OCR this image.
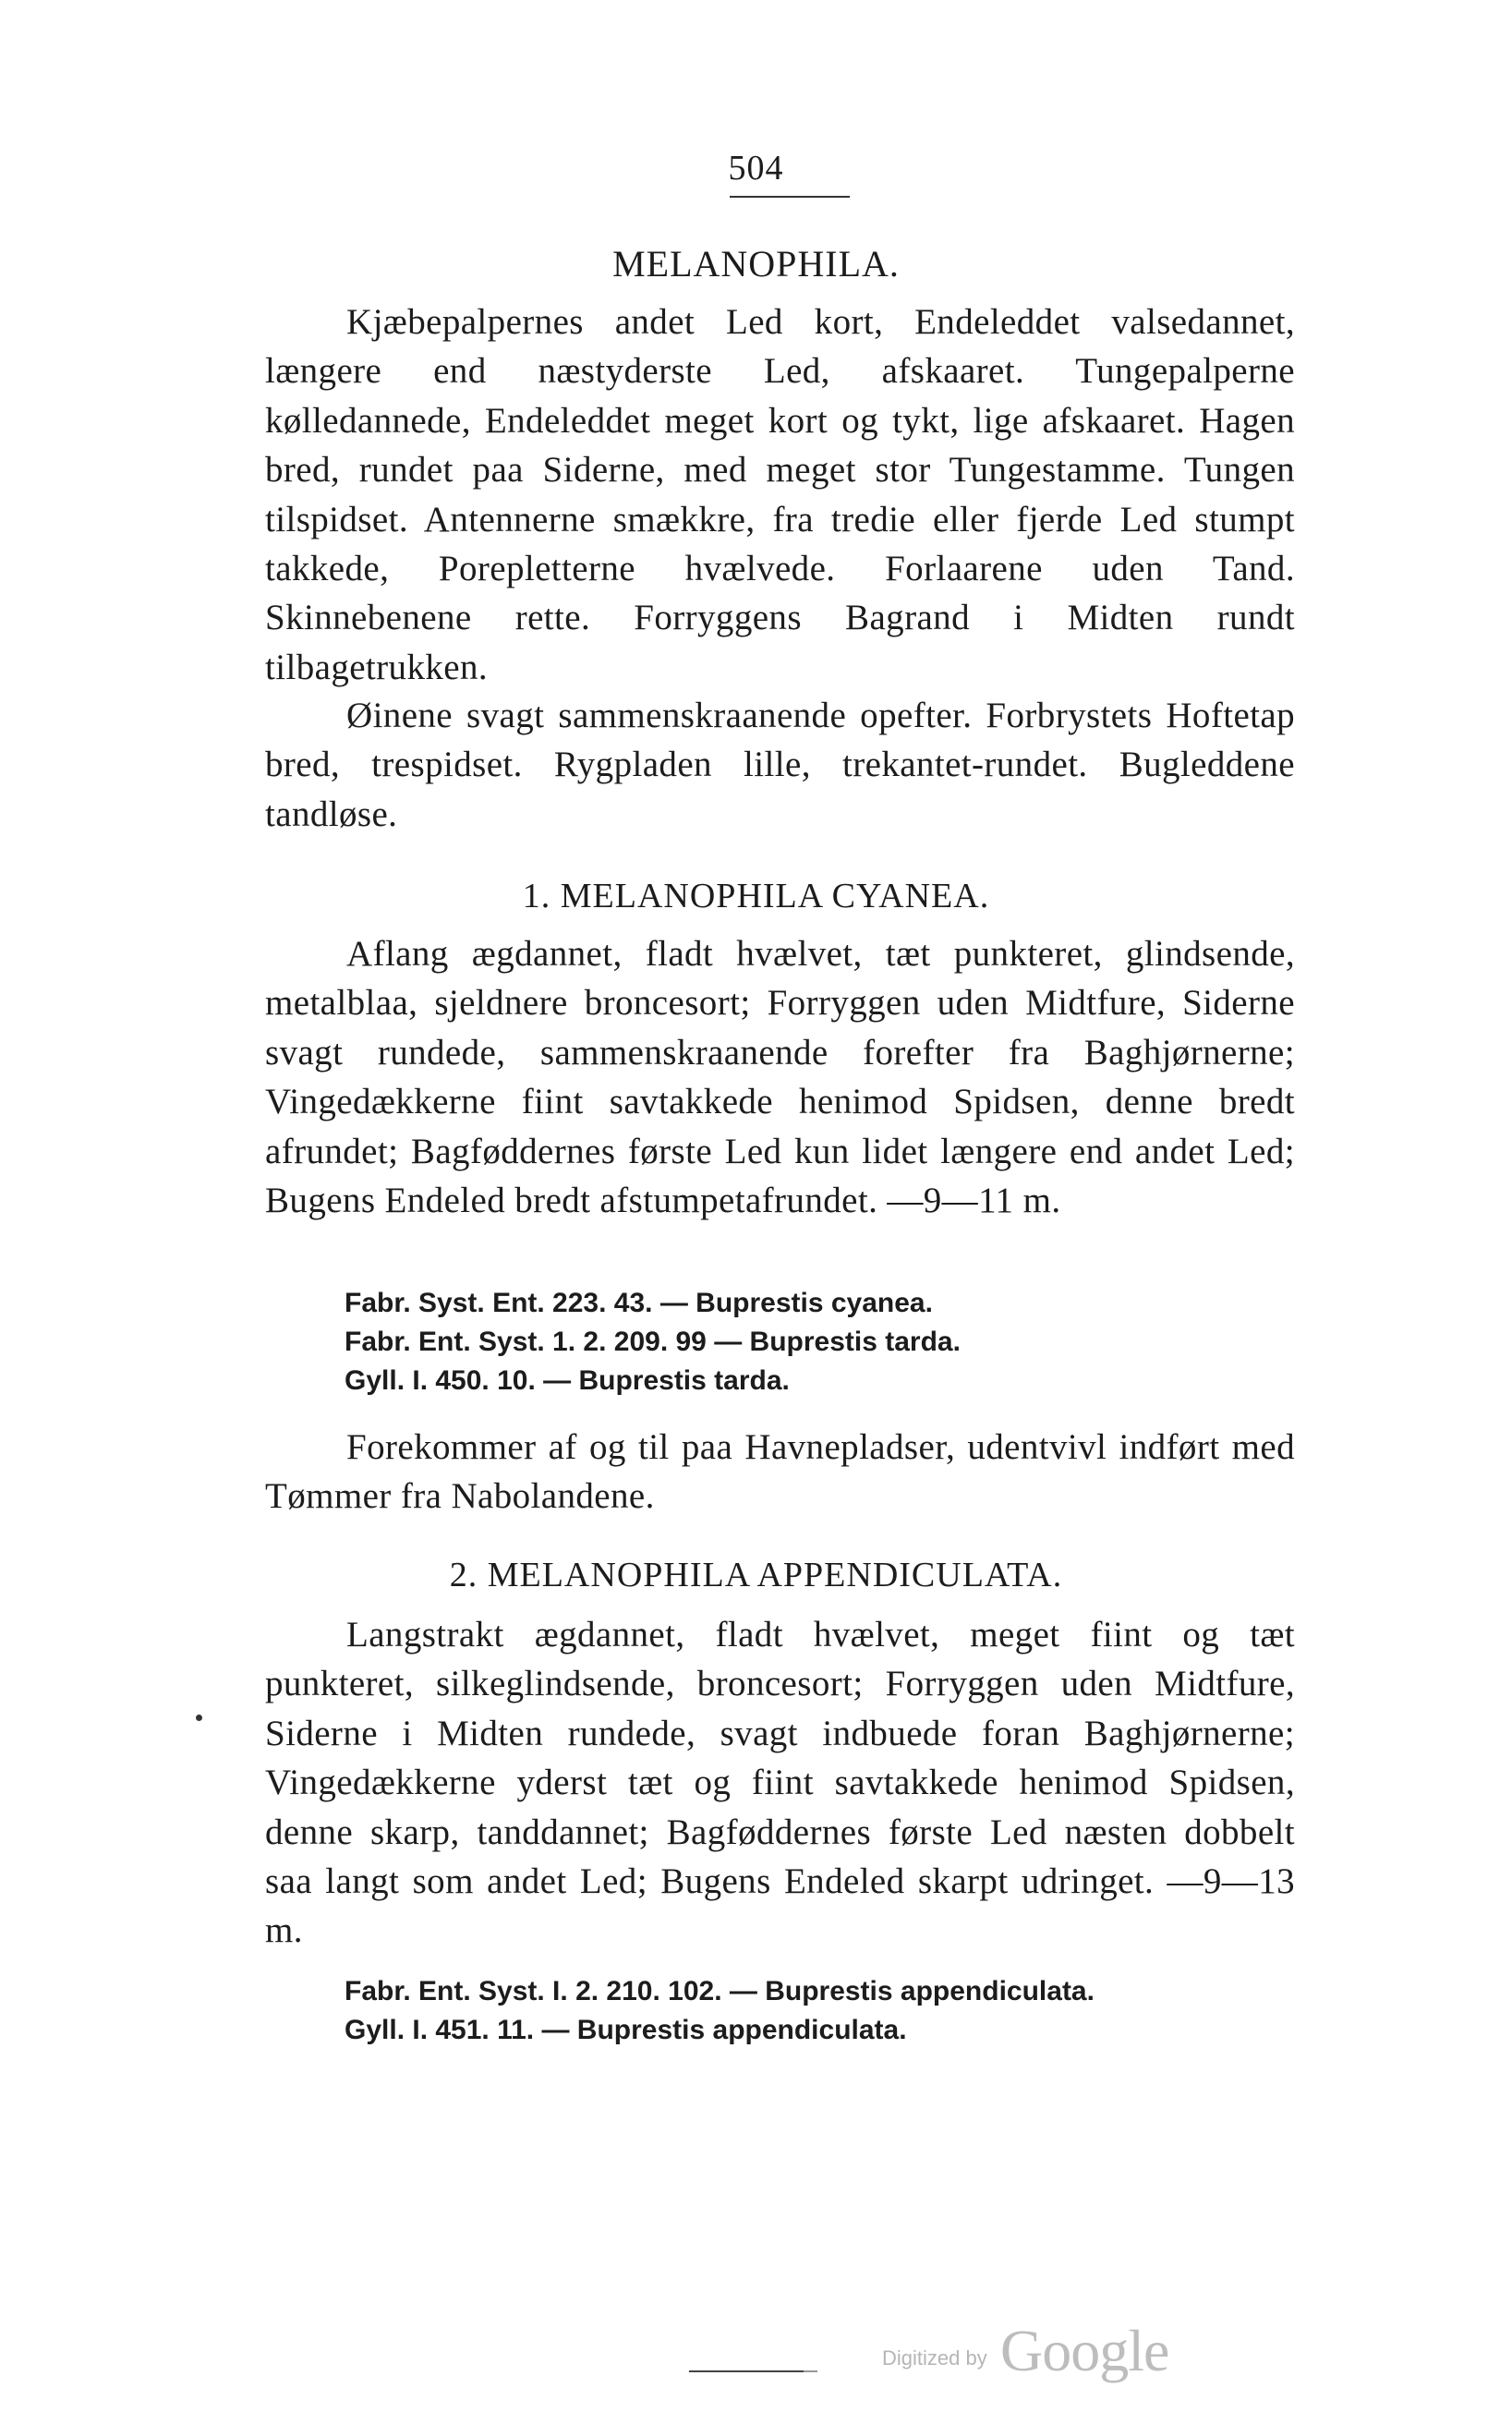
504
MELANOPHILA.

Kjæbepalpernes andet Led kort, Endeleddet valsedannet, længere end næstyderste Led, afskaaret. Tungepalperne kølledannede, Endeleddet meget kort og tykt, lige afskaaret. Hagen bred, rundet paa Siderne, med meget stor Tungestamme. Tungen tilspidset. Antennerne smækkre, fra tredie eller fjerde Led stumpt takkede, Porepletterne hvælvede. Forlaarene uden Tand. Skinnebenene rette. Forryggens Bagrand i Midten rundt tilbagetrukken.

Øinene svagt sammenskraanende opefter. Forbrystets Hoftetap bred, trespidset. Rygpladen lille, trekantet-rundet. Bugleddene tandløse.

1. MELANOPHILA CYANEA.

Aflang ægdannet, fladt hvælvet, tæt punkteret, glindsende, metalblaa, sjeldnere broncesort; Forryggen uden Midtfure, Siderne svagt rundede, sammenskraanende forefter fra Baghjørnerne; Vingedækkerne fiint savtakkede henimod Spidsen, denne bredt afrundet; Bagføddernes første Led kun lidet længere end andet Led; Bugens Endeled bredt afstumpetafrundet. —9—11 m.

Fabr. Syst. Ent. 223. 43. — Buprestis cyanea.
Fabr. Ent. Syst. 1. 2. 209. 99 — Buprestis tarda.
Gyll. I. 450. 10. — Buprestis tarda.

Forekommer af og til paa Havnepladser, udentvivl indført med Tømmer fra Nabolandene.

2. MELANOPHILA APPENDICULATA.

Langstrakt ægdannet, fladt hvælvet, meget fiint og tæt punkteret, silkeglindsende, broncesort; Forryggen uden Midtfure, Siderne i Midten rundede, svagt indbuede foran Baghjørnerne; Vingedækkerne yderst tæt og fiint savtakkede henimod Spidsen, denne skarp, tanddannet; Bagføddernes første Led næsten dobbelt saa langt som andet Led; Bugens Endeled skarpt udringet. —9—13 m.

Fabr. Ent. Syst. I. 2. 210. 102. — Buprestis appendiculata.
Gyll. I. 451. 11. — Buprestis appendiculata.
Digitized by Google
